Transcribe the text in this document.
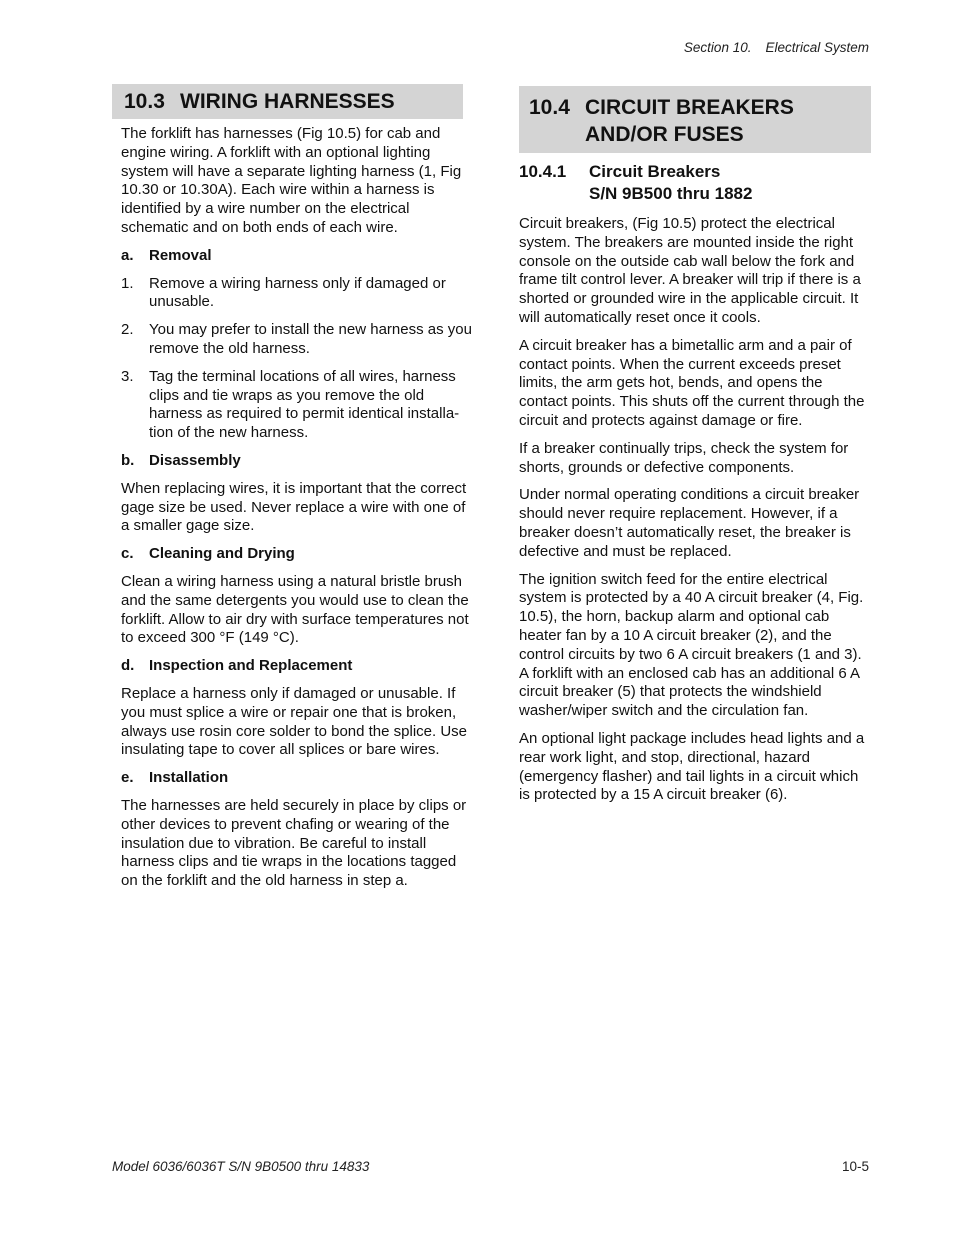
Section 10. Electrical System
10.3 WIRING HARNESSES

The forklift has harnesses (Fig 10.5) for cab and engine wiring. A forklift with an optional lighting system will have a separate lighting harness (1, Fig 10.30 or 10.30A). Each wire within a harness is identified by a wire number on the electrical schematic and on both ends of each wire.

a. Removal
1. Remove a wiring harness only if damaged or unusable.
2. You may prefer to install the new harness as you remove the old harness.
3. Tag the terminal locations of all wires, harness clips and tie wraps as you remove the old harness as required to permit identical installa-tion of the new harness.
b. Disassembly

When replacing wires, it is important that the correct gage size be used. Never replace a wire with one of a smaller gage size.

c. Cleaning and Drying

Clean a wiring harness using a natural bristle brush and the same detergents you would use to clean the forklift. Allow to air dry with surface temperatures not to exceed 300 °F (149 °C).

d. Inspection and Replacement

Replace a harness only if damaged or unusable. If you must splice a wire or repair one that is broken, always use rosin core solder to bond the splice. Use insulating tape to cover all splices or bare wires.

e. Installation

The harnesses are held securely in place by clips or other devices to prevent chafing or wearing of the insulation due to vibration. Be careful to install harness clips and tie wraps in the locations tagged on the forklift and the old harness in step a.

10.4 CIRCUIT BREAKERS
AND/OR FUSES
10.4.1 Circuit Breakers
S/N 9B500 thru 1882

Circuit breakers, (Fig 10.5) protect the electrical system. The breakers are mounted inside the right console on the outside cab wall below the fork and frame tilt control lever. A breaker will trip if there is a shorted or grounded wire in the applicable circuit. It will automatically reset once it cools.

A circuit breaker has a bimetallic arm and a pair of contact points. When the current exceeds preset limits, the arm gets hot, bends, and opens the contact points. This shuts off the current through the circuit and protects against damage or fire.

If a breaker continually trips, check the system for shorts, grounds or defective components.

Under normal operating conditions a circuit breaker should never require replacement. However, if a breaker doesn’t automatically reset, the breaker is defective and must be replaced.

The ignition switch feed for the entire electrical system is protected by a 40 A circuit breaker (4, Fig. 10.5), the horn, backup alarm and optional cab heater fan by a 10 A circuit breaker (2), and the control circuits by two 6 A circuit breakers (1 and 3). A forklift with an enclosed cab has an additional 6 A circuit breaker (5) that protects the windshield washer/wiper switch and the circulation fan.

An optional light package includes head lights and a rear work light, and stop, directional, hazard (emergency flasher) and tail lights in a circuit which is protected by a 15 A circuit breaker (6).

Model 6036/6036T S/N 9B0500 thru 14833	10-5
